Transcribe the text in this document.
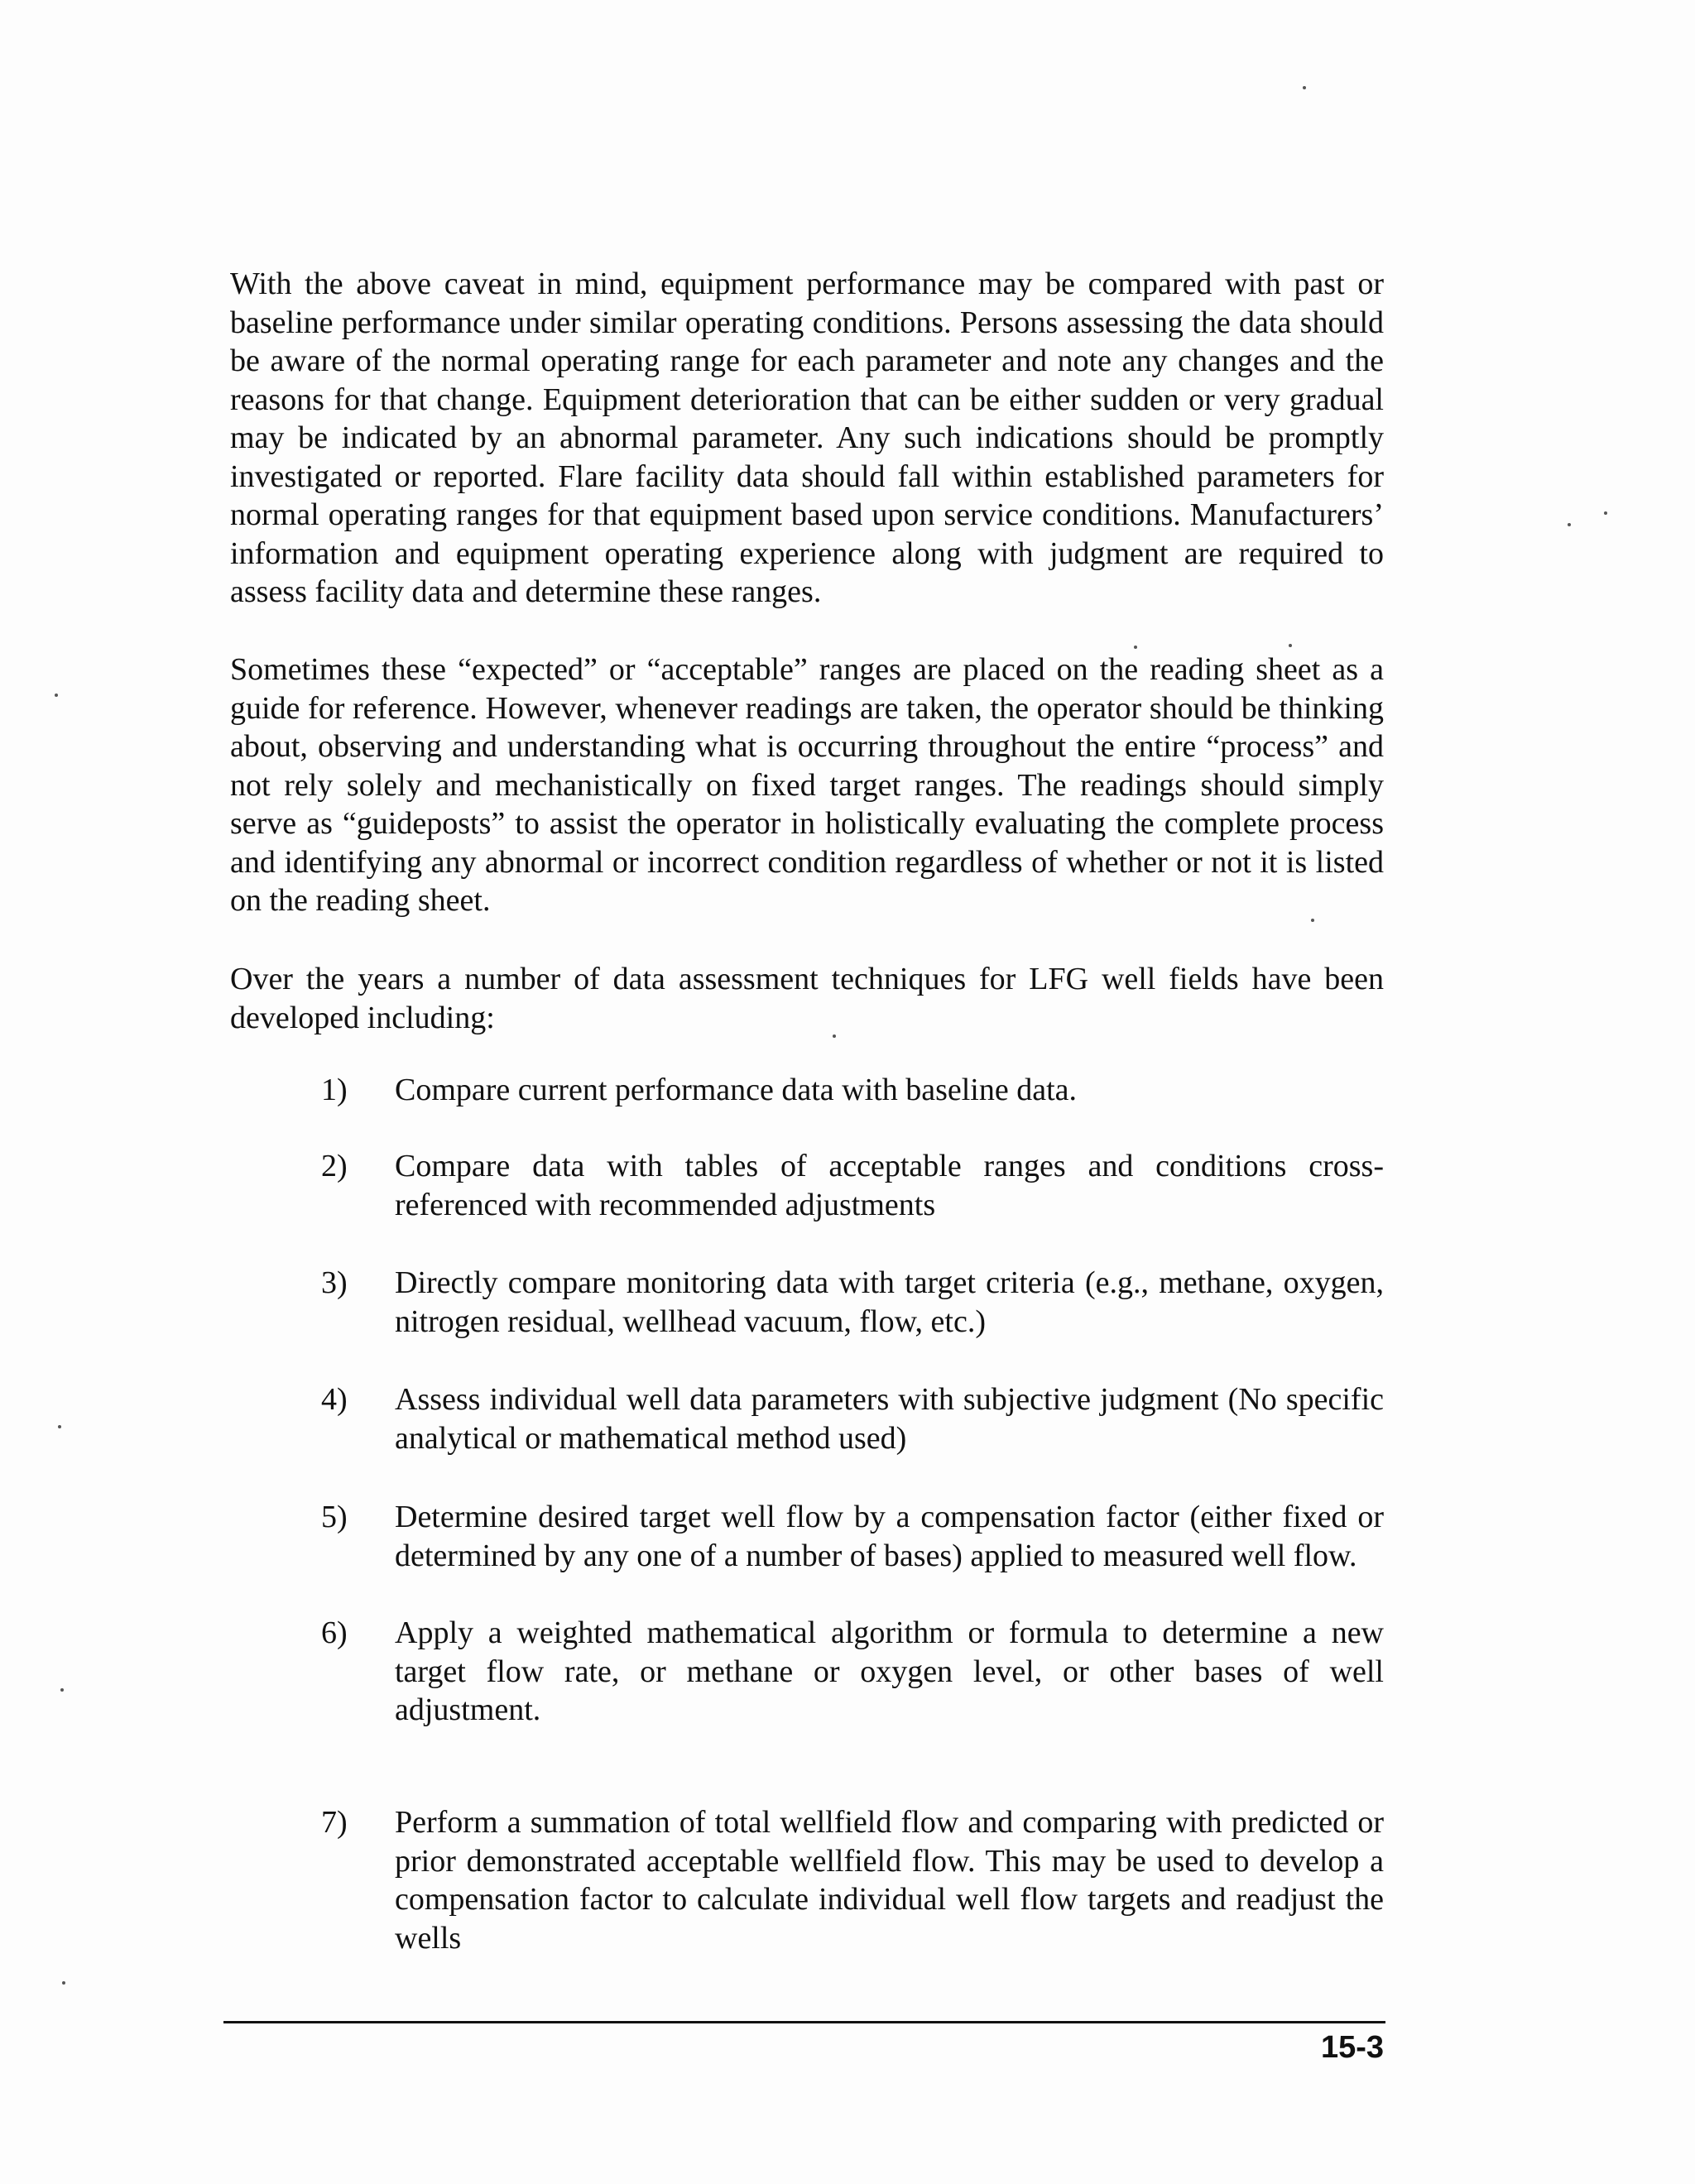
With the above caveat in mind, equipment performance may be compared with past or baseline performance under similar operating conditions. Persons assessing the data should be aware of the normal operating range for each parameter and note any changes and the reasons for that change. Equipment deterioration that can be either sudden or very gradual may be indicated by an abnormal parameter. Any such indications should be promptly investigated or reported. Flare facility data should fall within established parameters for normal operating ranges for that equipment based upon service conditions. Manufacturers’ information and equipment operating experience along with judgment are required to assess facility data and determine these ranges.

Sometimes these “expected” or “acceptable” ranges are placed on the reading sheet as a guide for reference. However, whenever readings are taken, the operator should be thinking about, observing and understanding what is occurring throughout the entire “process” and not rely solely and mechanistically on fixed target ranges. The readings should simply serve as “guideposts” to assist the operator in holistically evaluating the complete process and identifying any abnormal or incorrect condition regardless of whether or not it is listed on the reading sheet.

Over the years a number of data assessment techniques for LFG well fields have been developed including:

1)	Compare current performance data with baseline data.

2)	Compare data with tables of acceptable ranges and conditions cross-referenced with recommended adjustments

3)	Directly compare monitoring data with target criteria (e.g., methane, oxygen, nitrogen residual, wellhead vacuum, flow, etc.)

4)	Assess individual well data parameters with subjective judgment (No specific analytical or mathematical method used)

5)	Determine desired target well flow by a compensation factor (either fixed or determined by any one of a number of bases) applied to measured well flow.

6)	Apply a weighted mathematical algorithm or formula to determine a new target flow rate, or methane or oxygen level, or other bases of well adjustment.

7)	Perform a summation of total wellfield flow and comparing with predicted or prior demonstrated acceptable wellfield flow. This may be used to develop a compensation factor to calculate individual well flow targets and readjust the wells

15-3
